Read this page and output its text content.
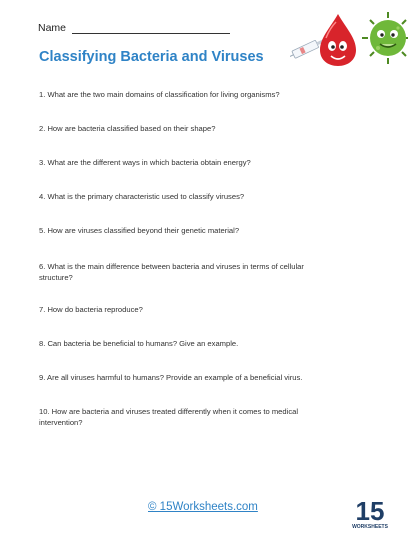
Name
Classifying Bacteria and Viruses
1. What are the two main domains of classification for living organisms?
2. How are bacteria classified based on their shape?
3. What are the different ways in which bacteria obtain energy?
4. What is the primary characteristic used to classify viruses?
5. How are viruses classified beyond their genetic material?
6. What is the main difference between bacteria and viruses in terms of cellular structure?
7. How do bacteria reproduce?
8. Can bacteria be beneficial to humans? Give an example.
9. Are all viruses harmful to humans? Provide an example of a beneficial virus.
10. How are bacteria and viruses treated differently when it comes to medical intervention?
© 15Worksheets.com	15
WORKSHEETS
